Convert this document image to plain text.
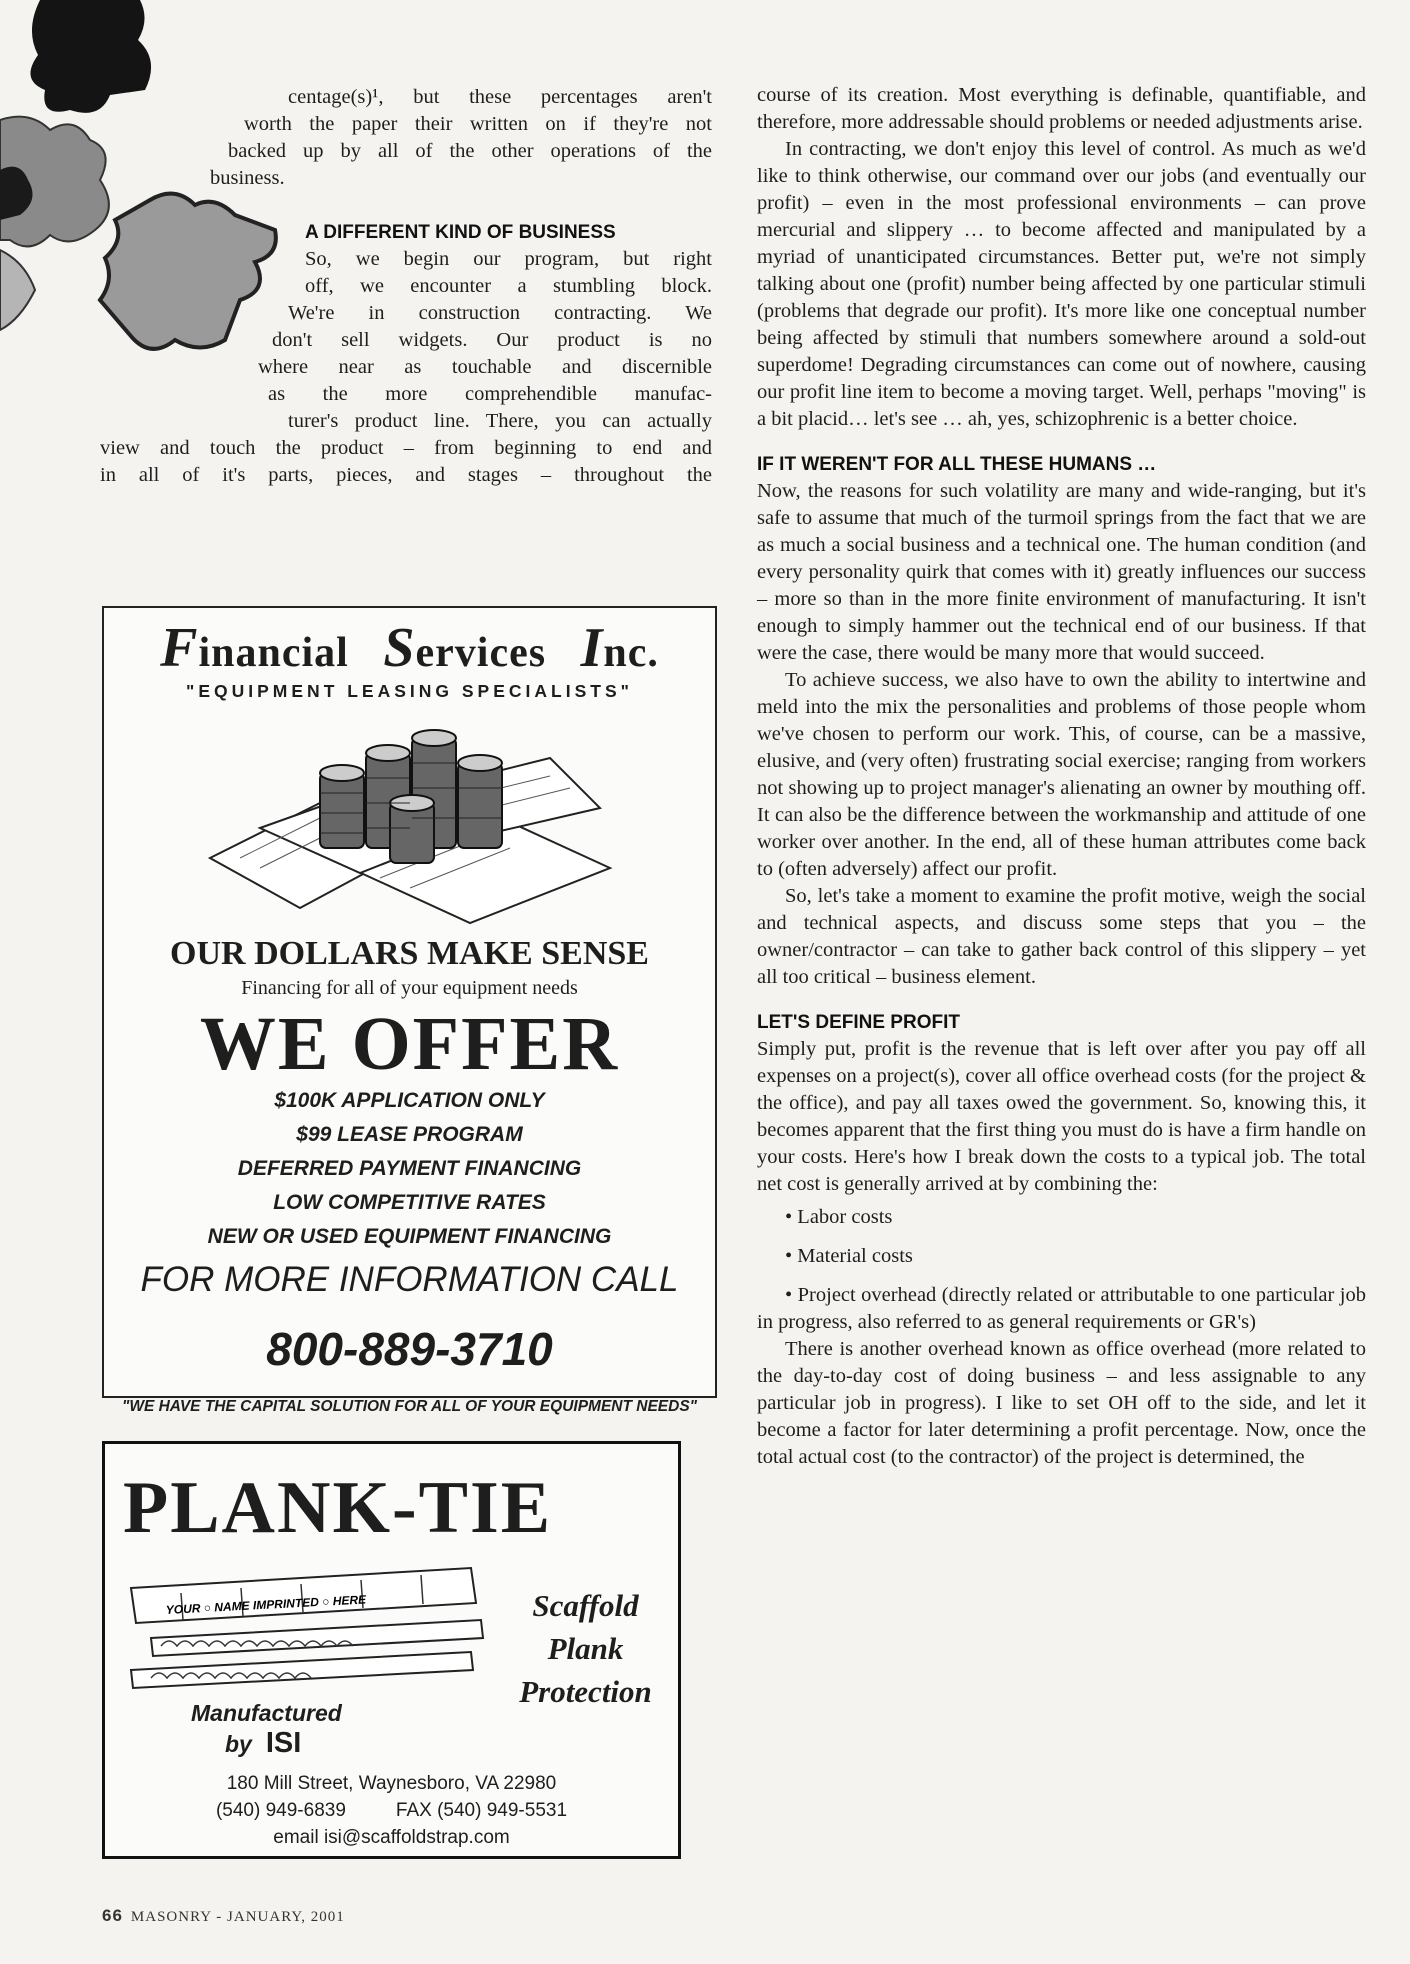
centage(s)¹, but these percentages aren't
worth the paper their written on if they're not
backed up by all of the other operations of the
business.

A DIFFERENT KIND OF BUSINESS

So, we begin our program, but right
off, we encounter a stumbling block.
We're in construction contracting. We
don't sell widgets. Our product is no
where near as touchable and discernible
as the more comprehendible manufac-
turer's product line. There, you can actually
view and touch the product – from beginning to end and
in all of it's parts, pieces, and stages – throughout the

course of its creation. Most everything is definable, quantifiable, and therefore, more addressable should problems or needed adjustments arise.

In contracting, we don't enjoy this level of control. As much as we'd like to think otherwise, our command over our jobs (and eventually our profit) – even in the most professional environments – can prove mercurial and slippery … to become affected and manipulated by a myriad of unanticipated circumstances. Better put, we're not simply talking about one (profit) number being affected by one particular stimuli (problems that degrade our profit). It's more like one conceptual number being affected by stimuli that numbers somewhere around a sold-out superdome! Degrading circumstances can come out of nowhere, causing our profit line item to become a moving target. Well, perhaps "moving" is a bit placid… let's see … ah, yes, schizophrenic is a better choice.

IF IT WEREN'T FOR ALL THESE HUMANS …

Now, the reasons for such volatility are many and wide-ranging, but it's safe to assume that much of the turmoil springs from the fact that we are as much a social business and a technical one. The human condition (and every personality quirk that comes with it) greatly influences our success – more so than in the more finite environment of manufacturing. It isn't enough to simply hammer out the technical end of our business. If that were the case, there would be many more that would succeed.

To achieve success, we also have to own the ability to intertwine and meld into the mix the personalities and problems of those people whom we've chosen to perform our work. This, of course, can be a massive, elusive, and (very often) frustrating social exercise; ranging from workers not showing up to project manager's alienating an owner by mouthing off. It can also be the difference between the workmanship and attitude of one worker over another. In the end, all of these human attributes come back to (often adversely) affect our profit.

So, let's take a moment to examine the profit motive, weigh the social and technical aspects, and discuss some steps that you – the owner/contractor – can take to gather back control of this slippery – yet all too critical – business element.

LET'S DEFINE PROFIT

Simply put, profit is the revenue that is left over after you pay off all expenses on a project(s), cover all office overhead costs (for the project & the office), and pay all taxes owed the government. So, knowing this, it becomes apparent that the first thing you must do is have a firm handle on your costs. Here's how I break down the costs to a typical job. The total net cost is generally arrived at by combining the:

• Labor costs

• Material costs

• Project overhead (directly related or attributable to one particular job in progress, also referred to as general requirements or GR's)

There is another overhead known as office overhead (more related to the day-to-day cost of doing business – and less assignable to any particular job in progress). I like to set OH off to the side, and let it become a factor for later determining a profit percentage. Now, once the total actual cost (to the contractor) of the project is determined, the

Financial Services Inc.
"EQUIPMENT LEASING SPECIALISTS"
OUR DOLLARS MAKE SENSE
Financing for all of your equipment needs
WE OFFER
$100K APPLICATION ONLY
$99 LEASE PROGRAM
DEFERRED PAYMENT FINANCING
LOW COMPETITIVE RATES
NEW OR USED EQUIPMENT FINANCING
FOR MORE INFORMATION CALL
800-889-3710
"WE HAVE THE CAPITAL SOLUTION FOR ALL OF YOUR EQUIPMENT NEEDS"
PLANK-TIE
YOUR ○ NAME IMPRINTED ○ HERE	Scaffold
Plank
Protection
Manufactured
by ISI
180 Mill Street, Waynesboro, VA 22980
(540) 949-6839	FAX (540) 949-5531
email isi@scaffoldstrap.com
66 MASONRY - JANUARY, 2001
